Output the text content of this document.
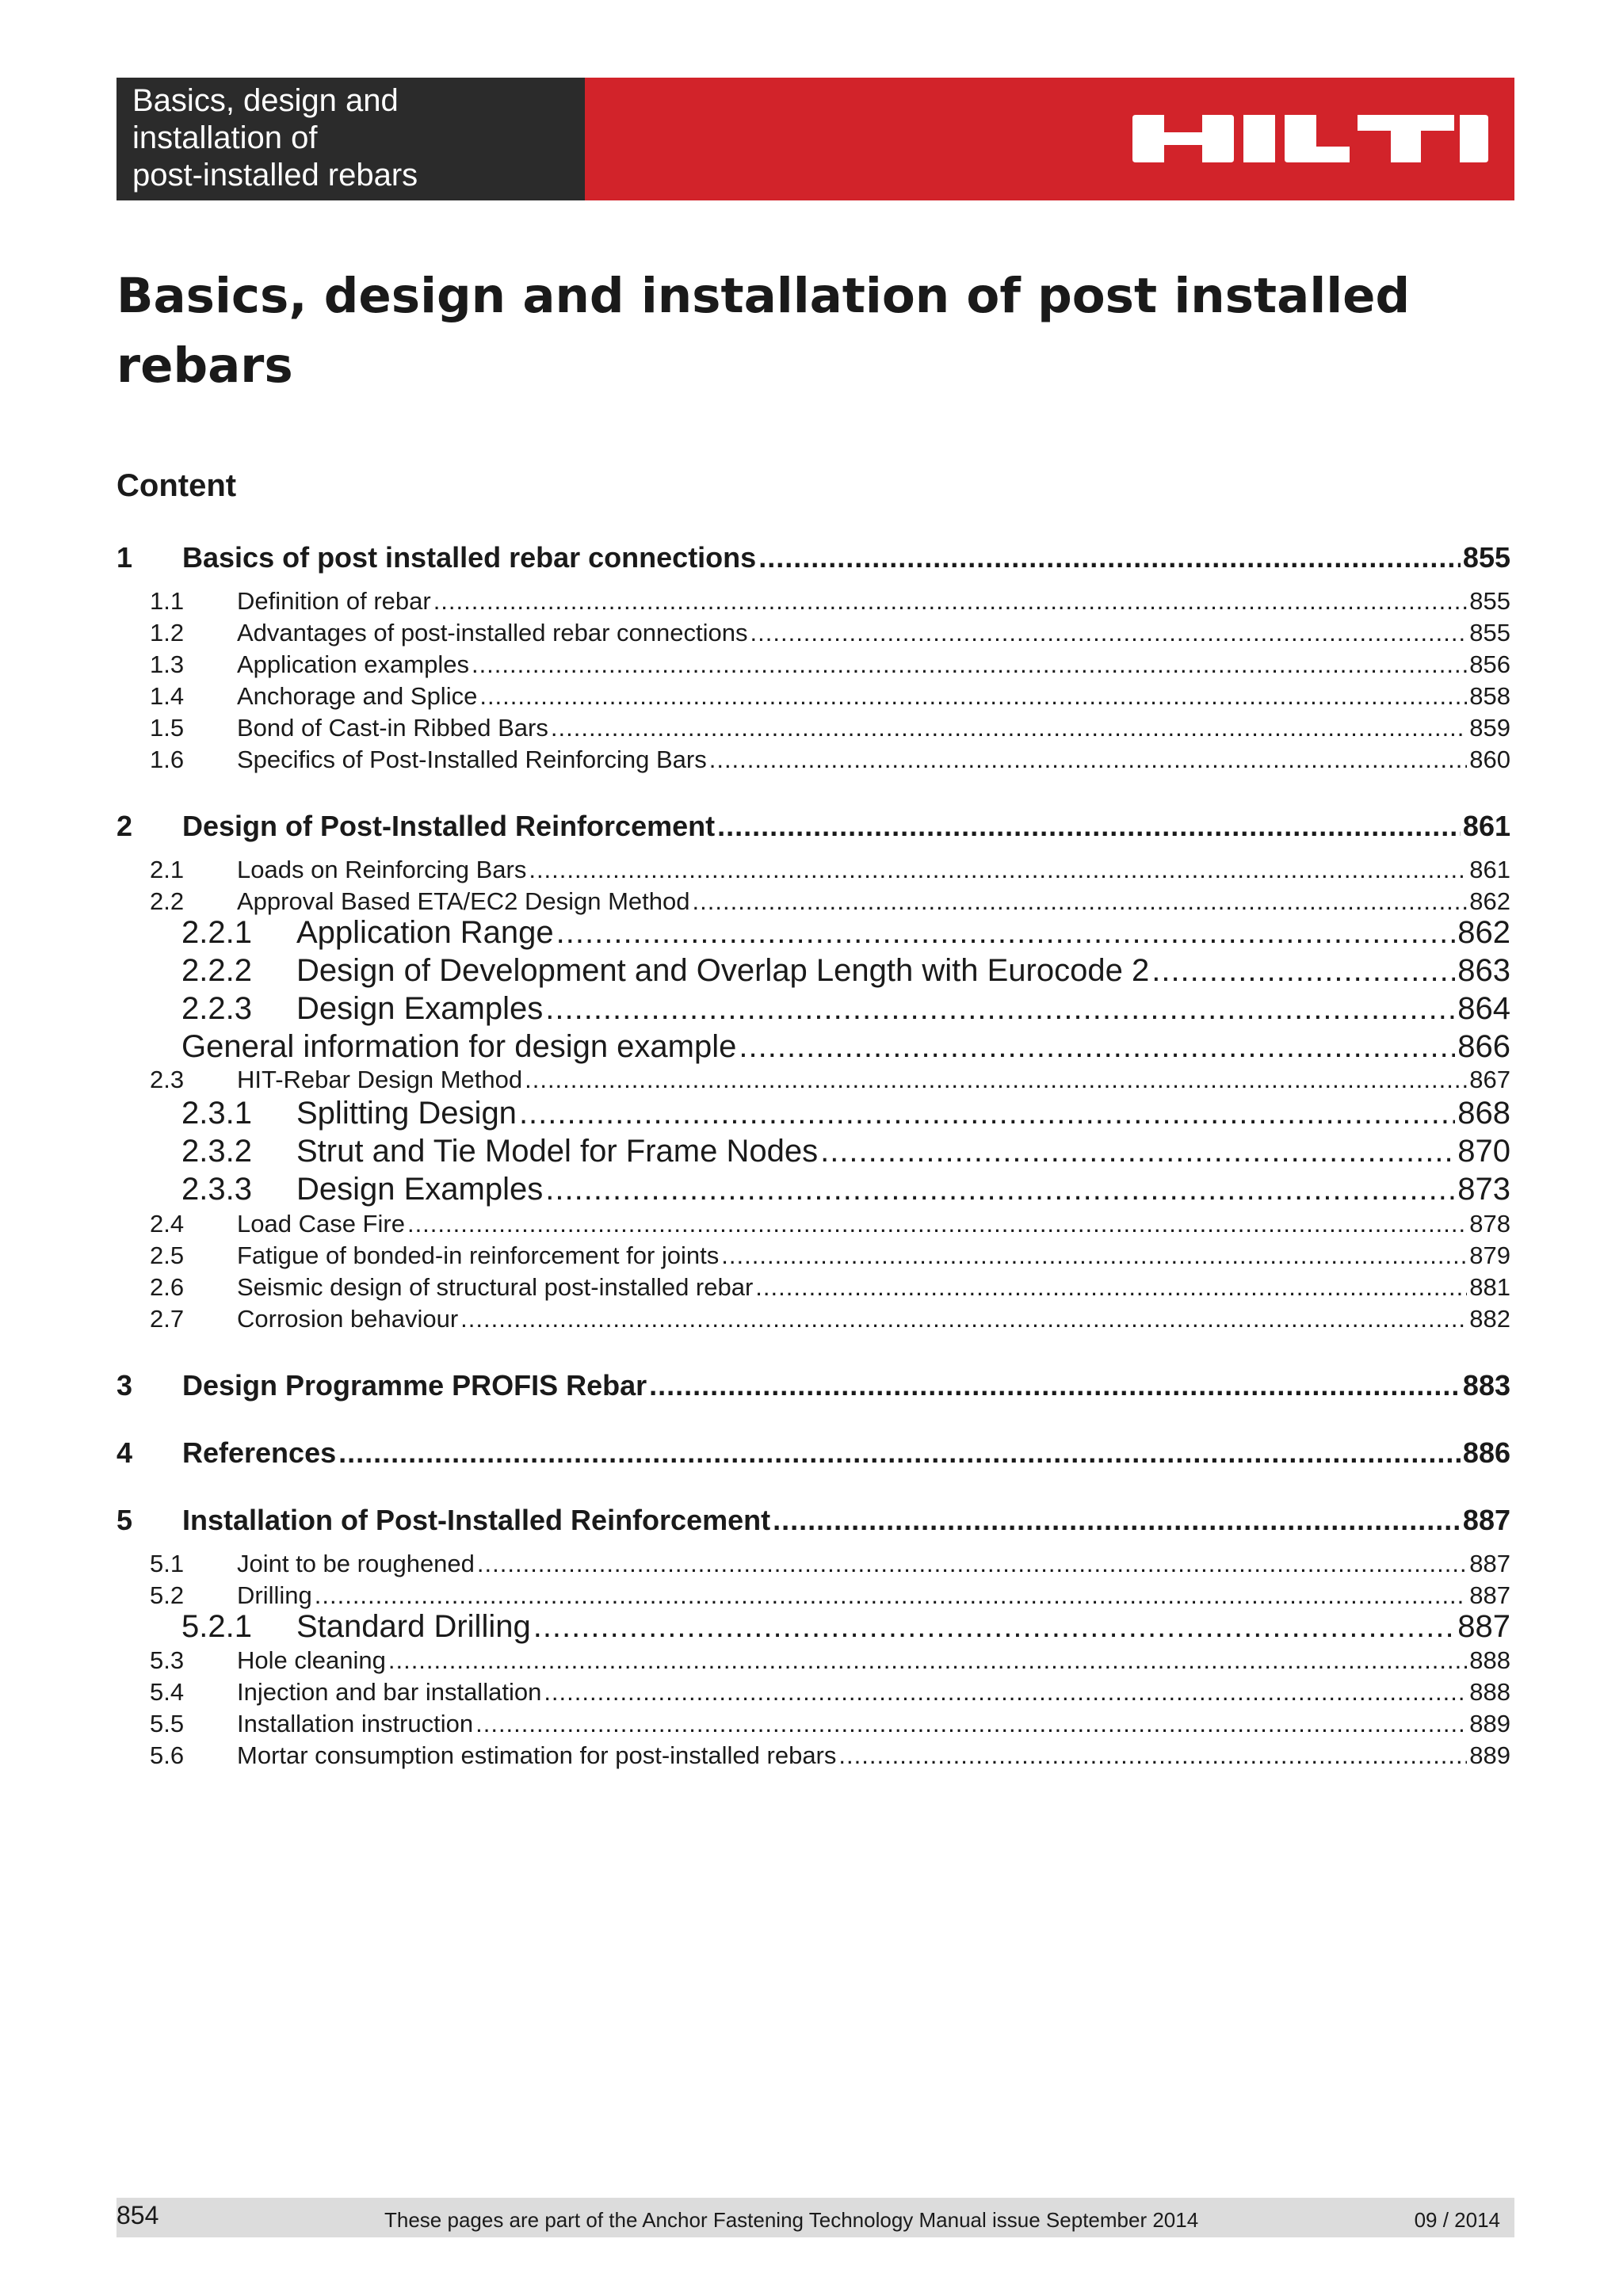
Basics, design and
installation of
post-installed rebars
Basics, design and installation of post installed rebars
Content
1	Basics of post installed rebar connections .....	855
1.1	Definition of rebar .....	855
1.2	Advantages of post-installed rebar connections .....	855
1.3	Application examples .....	856
1.4	Anchorage and Splice .....	858
1.5	Bond of Cast-in Ribbed Bars .....	859
1.6	Specifics of Post-Installed Reinforcing Bars .....	860
2	Design of Post-Installed Reinforcement .....	861
2.1	Loads on Reinforcing Bars .....	861
2.2	Approval Based ETA/EC2 Design Method .....	862
2.2.1	Application Range .....	862
2.2.2	Design of Development and Overlap Length with Eurocode 2 .....	863
2.2.3	Design Examples .....	864
General information for design example .....	866
2.3	HIT-Rebar Design Method .....	867
2.3.1	Splitting Design .....	868
2.3.2	Strut and Tie Model for Frame Nodes .....	870
2.3.3	Design Examples .....	873
2.4	Load Case Fire .....	878
2.5	Fatigue of bonded-in reinforcement for joints .....	879
2.6	Seismic design of structural post-installed rebar .....	881
2.7	Corrosion behaviour .....	882
3	Design Programme PROFIS Rebar .....	883
4	References .....	886
5	Installation of Post-Installed Reinforcement .....	887
5.1	Joint to be roughened .....	887
5.2	Drilling .....	887
5.2.1	Standard Drilling .....	887
5.3	Hole cleaning .....	888
5.4	Injection and bar installation .....	888
5.5	Installation instruction .....	889
5.6	Mortar consumption estimation for post-installed rebars .....	889
854	These pages are part of the Anchor Fastening Technology Manual issue September 2014	09 / 2014
